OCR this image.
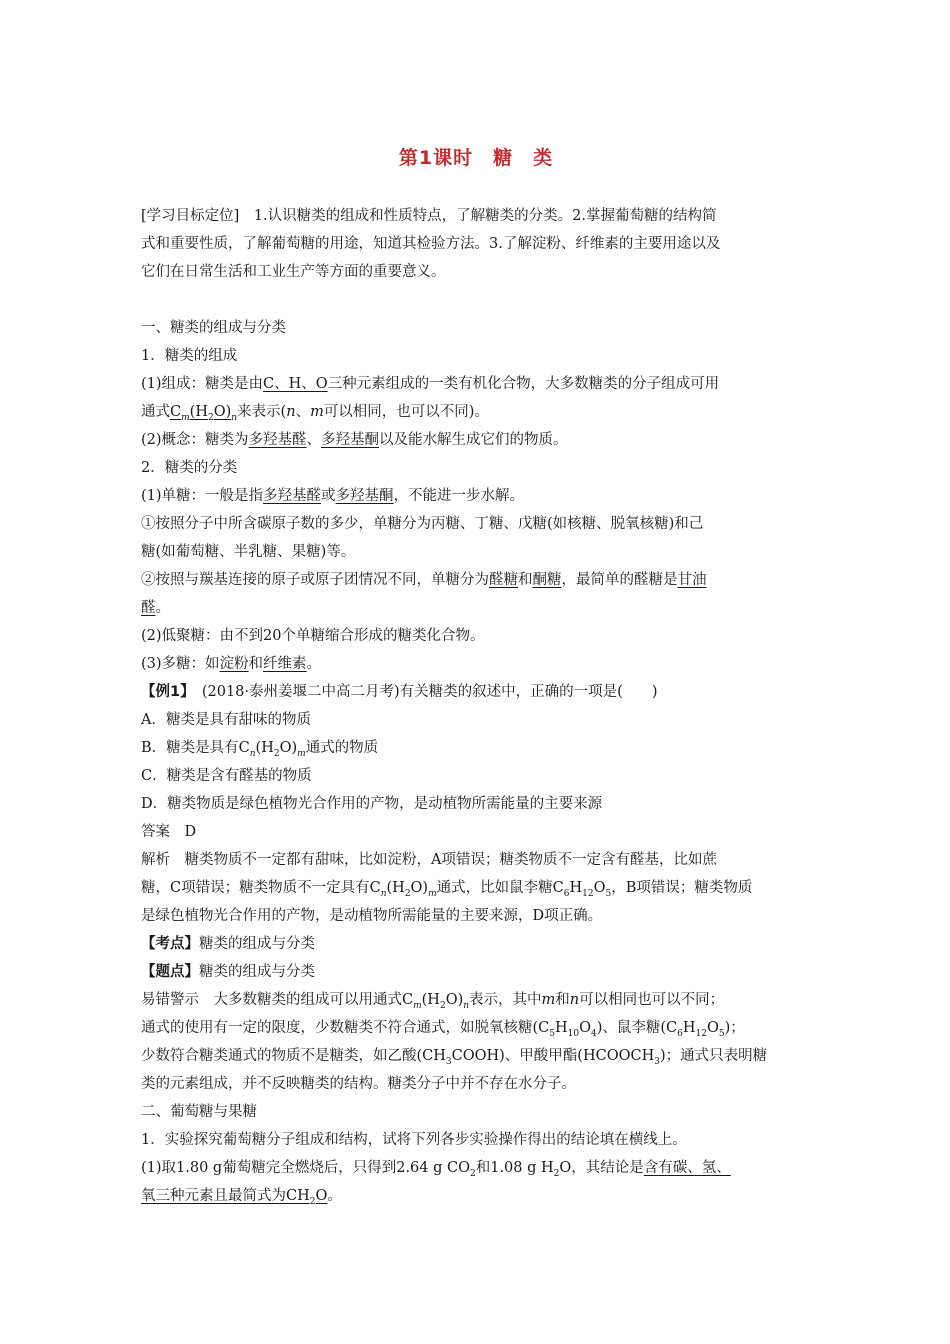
第1课时　糖　类
[学习目标定位]　1.认识糖类的组成和性质特点，了解糖类的分类。2.掌握葡萄糖的结构简
式和重要性质，了解葡萄糖的用途，知道其检验方法。3.了解淀粉、纤维素的主要用途以及
它们在日常生活和工业生产等方面的重要意义。
一、糖类的组成与分类
1．糖类的组成
(1)组成：糖类是由C、H、O三种元素组成的一类有机化合物，大多数糖类的分子组成可用
通式$C_m(H_2O)_n$来表示(n、m可以相同，也可以不同)。
(2)概念：糖类为多羟基醛、多羟基酮以及能水解生成它们的物质。
2．糖类的分类
(1)单糖：一般是指多羟基醛或多羟基酮，不能进一步水解。
①按照分子中所含碳原子数的多少，单糖分为丙糖、丁糖、戊糖(如核糖、脱氧核糖)和己
糖(如葡萄糖、半乳糖、果糖)等。
②按照与羰基连接的原子或原子团情况不同，单糖分为醛糖和酮糖，最简单的醛糖是甘油
醛。
(2)低聚糖：由不到20个单糖缩合形成的糖类化合物。
(3)多糖：如淀粉和纤维素。
【例1】　(2018·泰州姜堰二中高二月考)有关糖类的叙述中，正确的一项是(　　)
A．糖类是具有甜味的物质
B．糖类是具有$C_n(H_2O)_m$通式的物质
C．糖类是含有醛基的物质
D．糖类物质是绿色植物光合作用的产物，是动植物所需能量的主要来源
答案　D
解析　糖类物质不一定都有甜味，比如淀粉，A项错误；糖类物质不一定含有醛基，比如蔗
糖，C项错误；糖类物质不一定具有$C_n(H_2O)_m$通式，比如鼠李糖$C_6H_{12}O_5$，B项错误；糖类物质
是绿色植物光合作用的产物，是动植物所需能量的主要来源，D项正确。
【考点】糖类的组成与分类
【题点】糖类的组成与分类
易错警示　大多数糖类的组成可以用通式$C_m(H_2O)_n$表示，其中m和n可以相同也可以不同；
通式的使用有一定的限度，少数糖类不符合通式，如脱氧核糖$(C_5H_{10}O_4)$、鼠李糖$(C_6H_{12}O_5)$；
少数符合糖类通式的物质不是糖类，如乙酸$(CH_3COOH)$、甲酸甲酯$(HCOOCH_3)$；通式只表明糖
类的元素组成，并不反映糖类的结构。糖类分子中并不存在水分子。
二、葡萄糖与果糖
1．实验探究葡萄糖分子组成和结构，试将下列各步实验操作得出的结论填在横线上。
(1)取1.80 g葡萄糖完全燃烧后，只得到2.64 g $CO_2$和1.08 g $H_2O$，其结论是含有碳、氢、
氧三种元素且最简式为$CH_2O$。
